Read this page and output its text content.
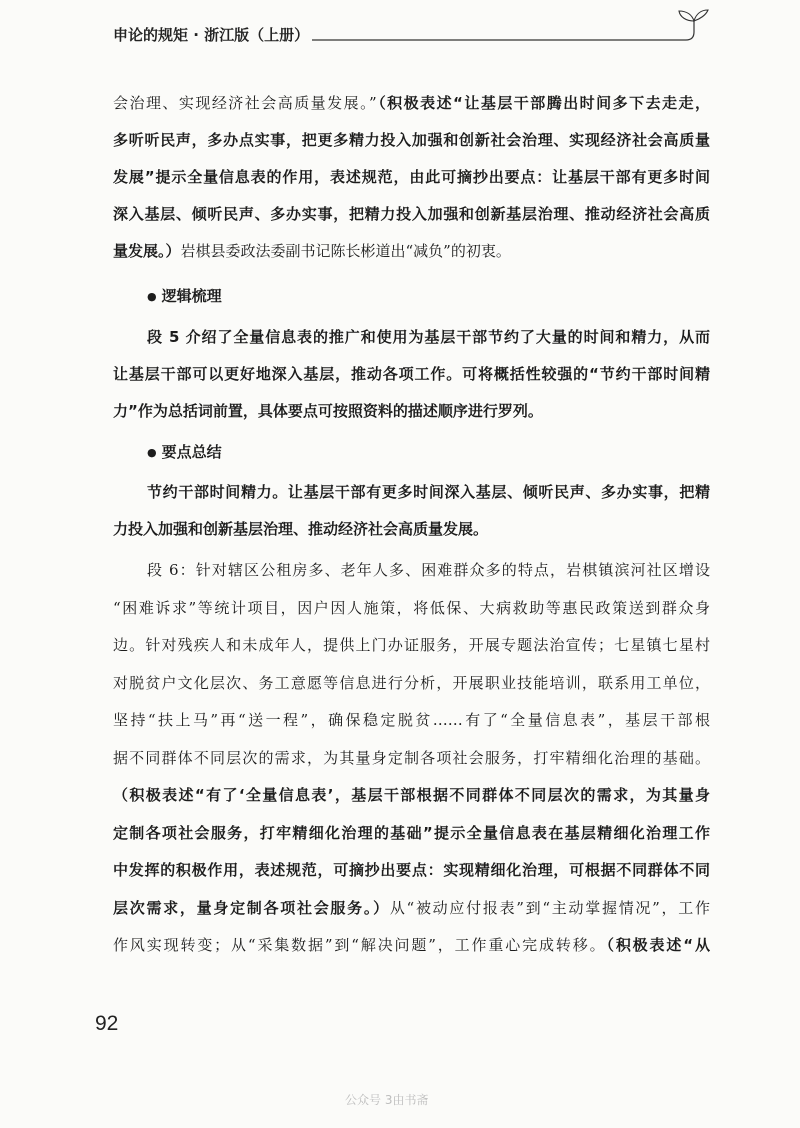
申论的规矩 · 浙江版（上册）
会治理、实现经济社会高质量发展。”（积极表述“让基层干部腾出时间多下去走走，
多听听民声，多办点实事，把更多精力投入加强和创新社会治理、实现经济社会高质量
发展”提示全量信息表的作用，表述规范，由此可摘抄出要点：让基层干部有更多时间
深入基层、倾听民声、多办实事，把精力投入加强和创新基层治理、推动经济社会高质
量发展。）岩棋县委政法委副书记陈长彬道出“减负”的初衷。
● 逻辑梳理
段 5 介绍了全量信息表的推广和使用为基层干部节约了大量的时间和精力，从而
让基层干部可以更好地深入基层，推动各项工作。可将概括性较强的“节约干部时间精
力”作为总括词前置，具体要点可按照资料的描述顺序进行罗列。
● 要点总结
节约干部时间精力。让基层干部有更多时间深入基层、倾听民声、多办实事，把精
力投入加强和创新基层治理、推动经济社会高质量发展。
段 6：针对辖区公租房多、老年人多、困难群众多的特点，岩棋镇滨河社区增设
“困难诉求”等统计项目，因户因人施策，将低保、大病救助等惠民政策送到群众身
边。针对残疾人和未成年人，提供上门办证服务，开展专题法治宣传；七星镇七星村
对脱贫户文化层次、务工意愿等信息进行分析，开展职业技能培训，联系用工单位，
坚持“扶上马”再“送一程”，确保稳定脱贫……有了“全量信息表”，基层干部根
据不同群体不同层次的需求，为其量身定制各项社会服务，打牢精细化治理的基础。
（积极表述“有了‘全量信息表’，基层干部根据不同群体不同层次的需求，为其量身
定制各项社会服务，打牢精细化治理的基础”提示全量信息表在基层精细化治理工作
中发挥的积极作用，表述规范，可摘抄出要点：实现精细化治理，可根据不同群体不同
层次需求，量身定制各项社会服务。）从“被动应付报表”到“主动掌握情况”，工作
作风实现转变；从“采集数据”到“解决问题”，工作重心完成转移。（积极表述“从
92
公众号 3由书斋
